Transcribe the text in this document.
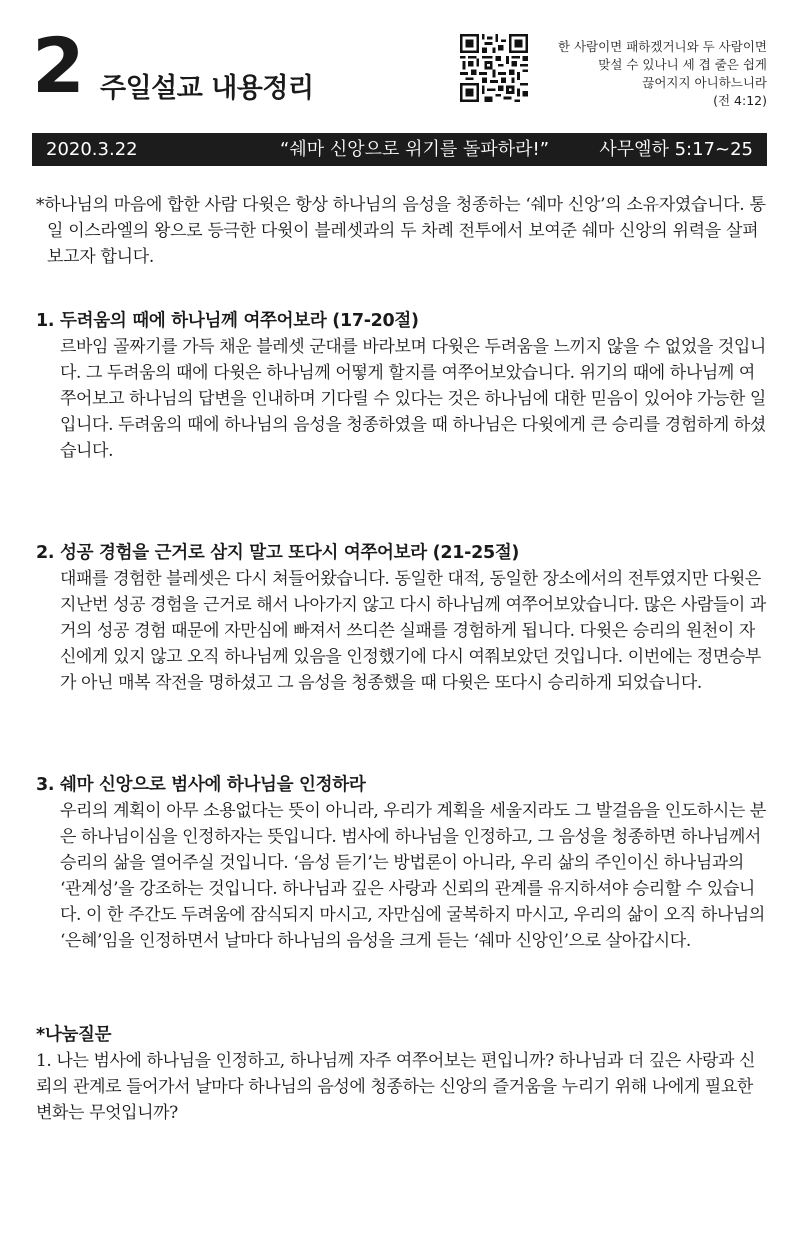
2 주일설교 내용정리
한 사람이면 패하겠거니와 두 사람이면
맞설 수 있나니 세 겹 줄은 쉽게
끊어지지 아니하느니라
(전 4:12)
2020.3.22	“쉐마 신앙으로 위기를 돌파하라!”	사무엘하 5:17~25
*하나님의 마음에 합한 사람 다윗은 항상 하나님의 음성을 청종하는 ‘쉐마 신앙’의 소유자였습니다. 통일 이스라엘의 왕으로 등극한 다윗이 블레셋과의 두 차례 전투에서 보여준 쉐마 신앙의 위력을 살펴보고자 합니다.
1. 두려움의 때에 하나님께 여쭈어보라 (17-20절)
르바임 골짜기를 가득 채운 블레셋 군대를 바라보며 다윗은 두려움을 느끼지 않을 수 없었을 것입니다. 그 두려움의 때에 다윗은 하나님께 어떻게 할지를 여쭈어보았습니다. 위기의 때에 하나님께 여쭈어보고 하나님의 답변을 인내하며 기다릴 수 있다는 것은 하나님에 대한 믿음이 있어야 가능한 일입니다. 두려움의 때에 하나님의 음성을 청종하였을 때 하나님은 다윗에게 큰 승리를 경험하게 하셨습니다.
2. 성공 경험을 근거로 삼지 말고 또다시 여쭈어보라 (21-25절)
대패를 경험한 블레셋은 다시 쳐들어왔습니다. 동일한 대적, 동일한 장소에서의 전투였지만 다윗은 지난번 성공 경험을 근거로 해서 나아가지 않고 다시 하나님께 여쭈어보았습니다. 많은 사람들이 과거의 성공 경험 때문에 자만심에 빠져서 쓰디쓴 실패를 경험하게 됩니다. 다윗은 승리의 원천이 자신에게 있지 않고 오직 하나님께 있음을 인정했기에 다시 여쭤보았던 것입니다. 이번에는 정면승부가 아닌 매복 작전을 명하셨고 그 음성을 청종했을 때 다윗은 또다시 승리하게 되었습니다.
3. 쉐마 신앙으로 범사에 하나님을 인정하라
우리의 계획이 아무 소용없다는 뜻이 아니라, 우리가 계획을 세울지라도 그 발걸음을 인도하시는 분은 하나님이심을 인정하자는 뜻입니다. 범사에 하나님을 인정하고, 그 음성을 청종하면 하나님께서 승리의 삶을 열어주실 것입니다. ‘음성 듣기’는 방법론이 아니라, 우리 삶의 주인이신 하나님과의 ‘관계성’을 강조하는 것입니다. 하나님과 깊은 사랑과 신뢰의 관계를 유지하셔야 승리할 수 있습니다. 이 한 주간도 두려움에 잠식되지 마시고, 자만심에 굴복하지 마시고, 우리의 삶이 오직 하나님의 ‘은혜’임을 인정하면서 날마다 하나님의 음성을 크게 듣는 ‘쉐마 신앙인’으로 살아갑시다.
*나눔질문
1. 나는 범사에 하나님을 인정하고, 하나님께 자주 여쭈어보는 편입니까? 하나님과 더 깊은 사랑과 신뢰의 관계로 들어가서 날마다 하나님의 음성에 청종하는 신앙의 즐거움을 누리기 위해 나에게 필요한 변화는 무엇입니까?
